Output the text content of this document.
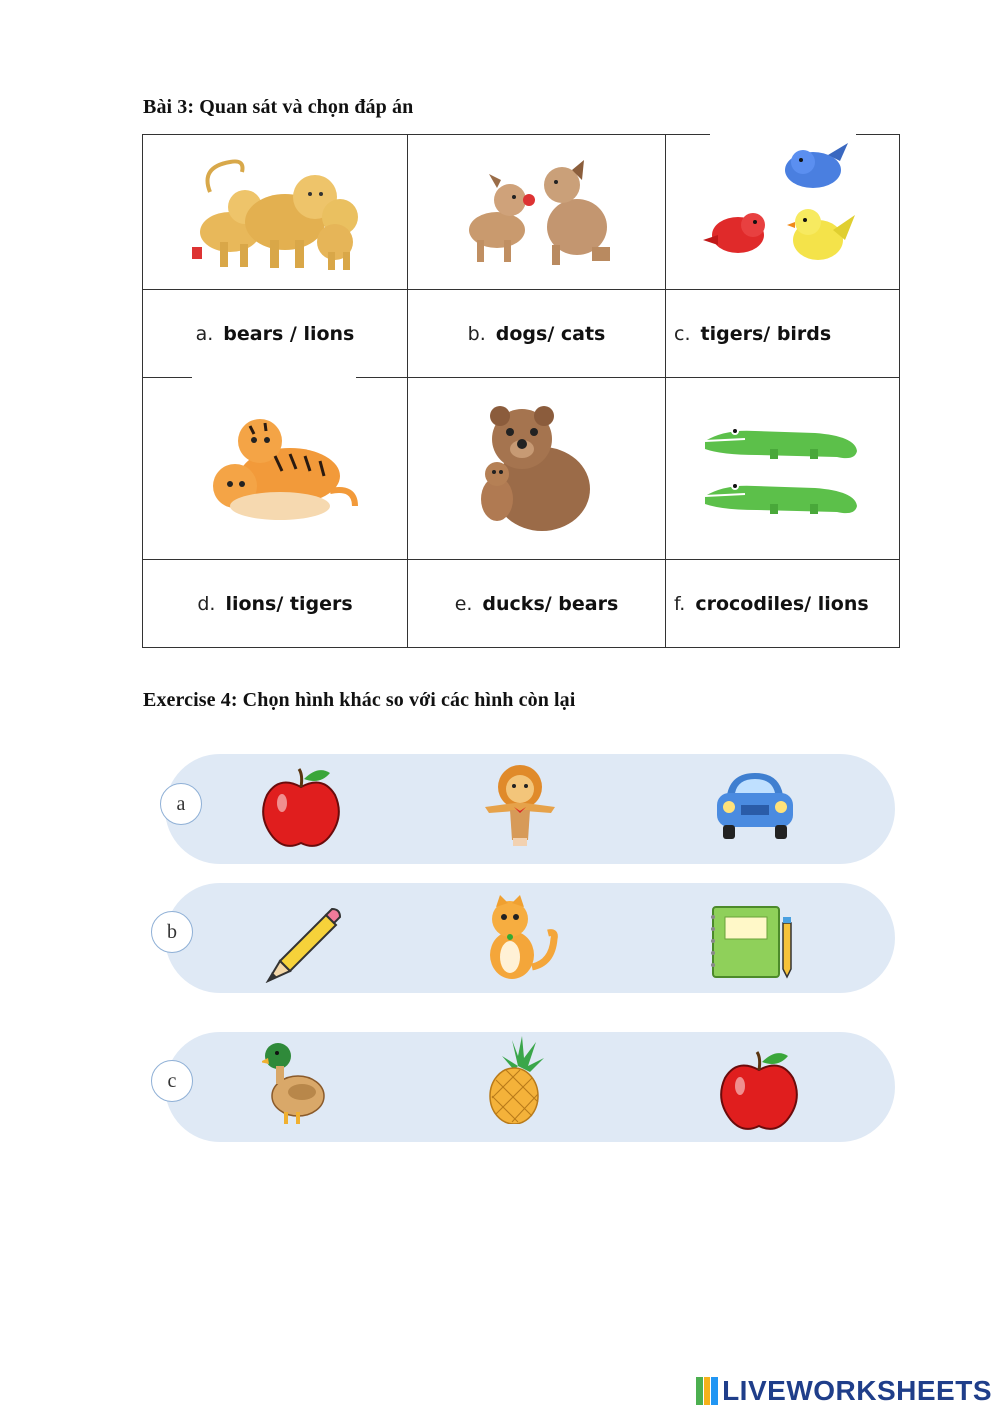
Bài 3: Quan sát và chọn đáp án

a. bears / lions	b. dogs/ cats	c. tigers/ birds

d. lions/ tigers	e. ducks/ bears	f. crocodiles/ lions
Exercise 4: Chọn hình khác so với các hình còn lại
a
b
c
LIVEWORKSHEETS
